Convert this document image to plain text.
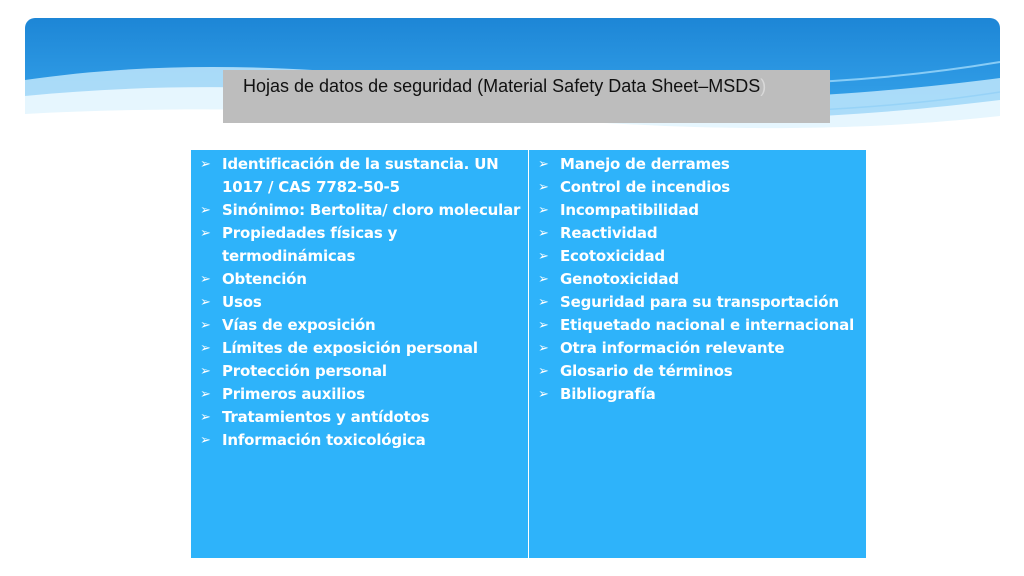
Hojas de datos de seguridad (Material Safety Data Sheet–MSDS)
➢ Identificación de la sustancia. UN 1017 / CAS 7782-50-5
➢ Sinónimo: Bertolita/ cloro molecular
➢ Propiedades físicas y termodinámicas
➢ Obtención
➢ Usos
➢ Vías de exposición
➢ Límites de exposición personal
➢ Protección personal
➢ Primeros auxilios
➢ Tratamientos y antídotos
➢ Información toxicológica
➢ Manejo de derrames
➢ Control de incendios
➢ Incompatibilidad
➢ Reactividad
➢ Ecotoxicidad
➢ Genotoxicidad
➢ Seguridad para su transportación
➢ Etiquetado nacional e internacional
➢ Otra información relevante
➢ Glosario de términos
➢ Bibliografía
